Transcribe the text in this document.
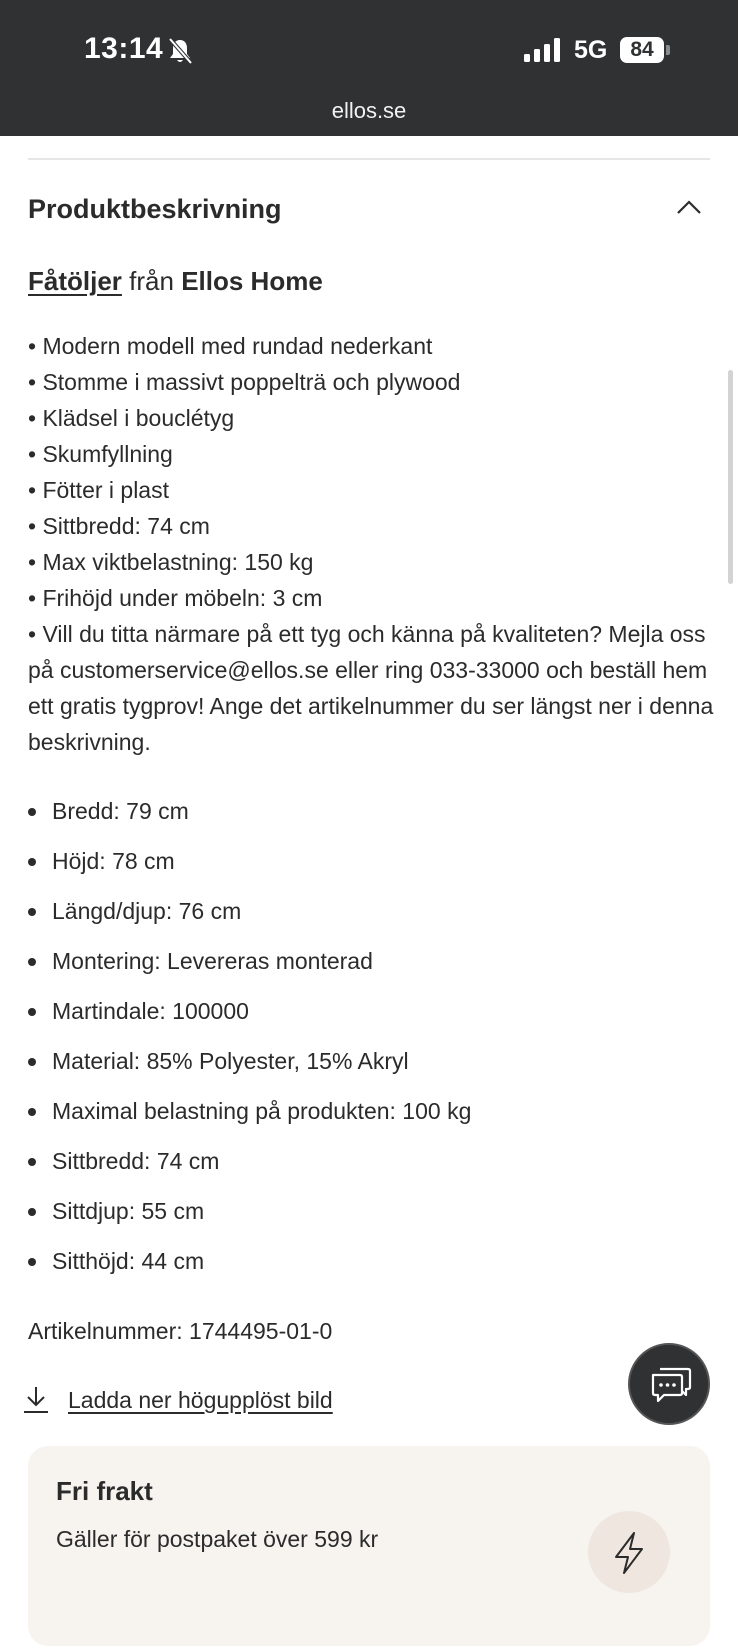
13:14	5G	84
ellos.se
Produktbeskrivning
Fåtöljer från Ellos Home
• Modern modell med rundad nederkant
• Stomme i massivt poppelträ och plywood
• Klädsel i bouclétyg
• Skumfyllning
• Fötter i plast
• Sittbredd: 74 cm
• Max viktbelastning: 150 kg
• Frihöjd under möbeln: 3 cm
• Vill du titta närmare på ett tyg och känna på kvaliteten? Mejla oss på customerservice@ellos.se eller ring 033-33000 och beställ hem ett gratis tygprov! Ange det artikelnummer du ser längst ner i denna beskrivning.
Bredd: 79 cm
Höjd: 78 cm
Längd/djup: 76 cm
Montering: Levereras monterad
Martindale: 100000
Material: 85% Polyester, 15% Akryl
Maximal belastning på produkten: 100 kg
Sittbredd: 74 cm
Sittdjup: 55 cm
Sitthöjd: 44 cm
Artikelnummer: 1744495-01-0
Ladda ner högupplöst bild
Fri frakt
Gäller för postpaket över 599 kr
